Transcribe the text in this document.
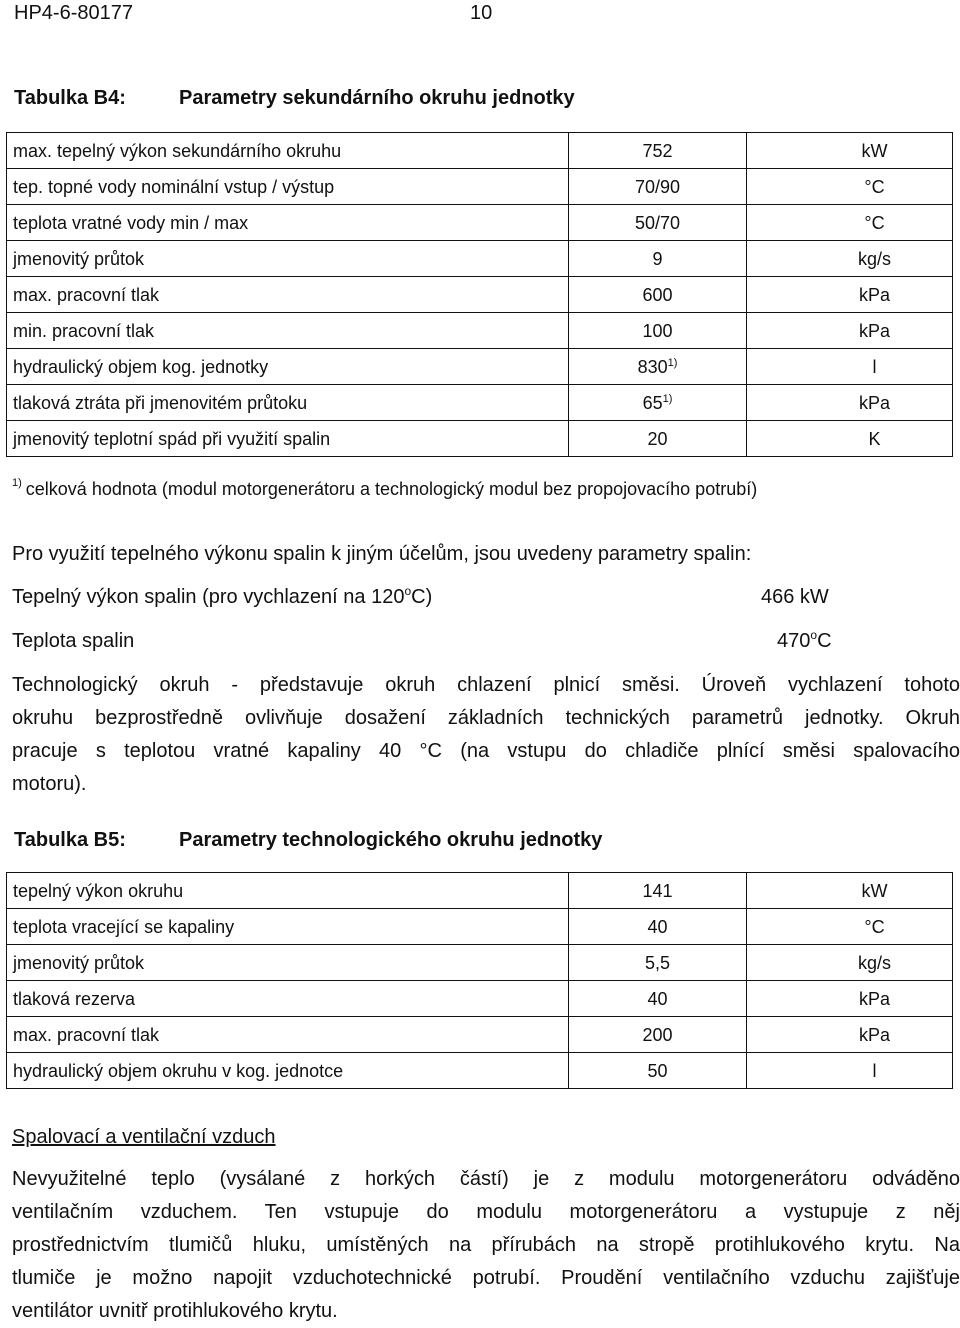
HP4-6-80177	10
Tabulka B4:	Parametry sekundárního okruhu jednotky
max. tepelný výkon sekundárního okruhu	752	kW
tep. topné vody nominální vstup / výstup	70/90	°C
teplota vratné vody min / max	50/70	°C
jmenovitý průtok	9	kg/s
max. pracovní tlak	600	kPa
min. pracovní tlak	100	kPa
hydraulický objem kog. jednotky	830$^{1)}$	l
tlaková ztráta při jmenovitém průtoku	65$^{1)}$	kPa
jmenovitý teplotní spád při využití spalin	20	K
$^{1)}$ celková hodnota (modul motorgenerátoru a technologický modul bez propojovacího potrubí)
Pro využití tepelného výkonu spalin k jiným účelům, jsou uvedeny parametry spalin:
Tepelný výkon spalin (pro vychlazení na 120$^o$C)	466 kW
Teplota spalin	470$^o$C
Technologický okruh - představuje okruh chlazení plnicí směsi. Úroveň vychlazení tohoto
okruhu bezprostředně ovlivňuje dosažení základních technických parametrů jednotky. Okruh
pracuje s teplotou vratné kapaliny 40 °C (na vstupu do chladiče plnící směsi spalovacího
motoru).
Tabulka B5:	Parametry technologického okruhu jednotky
tepelný výkon okruhu	141	kW
teplota vracející se kapaliny	40	°C
jmenovitý průtok	5,5	kg/s
tlaková rezerva	40	kPa
max. pracovní tlak	200	kPa
hydraulický objem okruhu v kog. jednotce	50	l
Spalovací a ventilační vzduch
Nevyužitelné teplo (vysálané z horkých částí) je z modulu motorgenerátoru odváděno
ventilačním vzduchem. Ten vstupuje do modulu motorgenerátoru a vystupuje z něj
prostřednictvím tlumičů hluku, umístěných na přírubách na stropě protihlukového krytu. Na
tlumiče je možno napojit vzduchotechnické potrubí. Proudění ventilačního vzduchu zajišťuje
ventilátor uvnitř protihlukového krytu.
